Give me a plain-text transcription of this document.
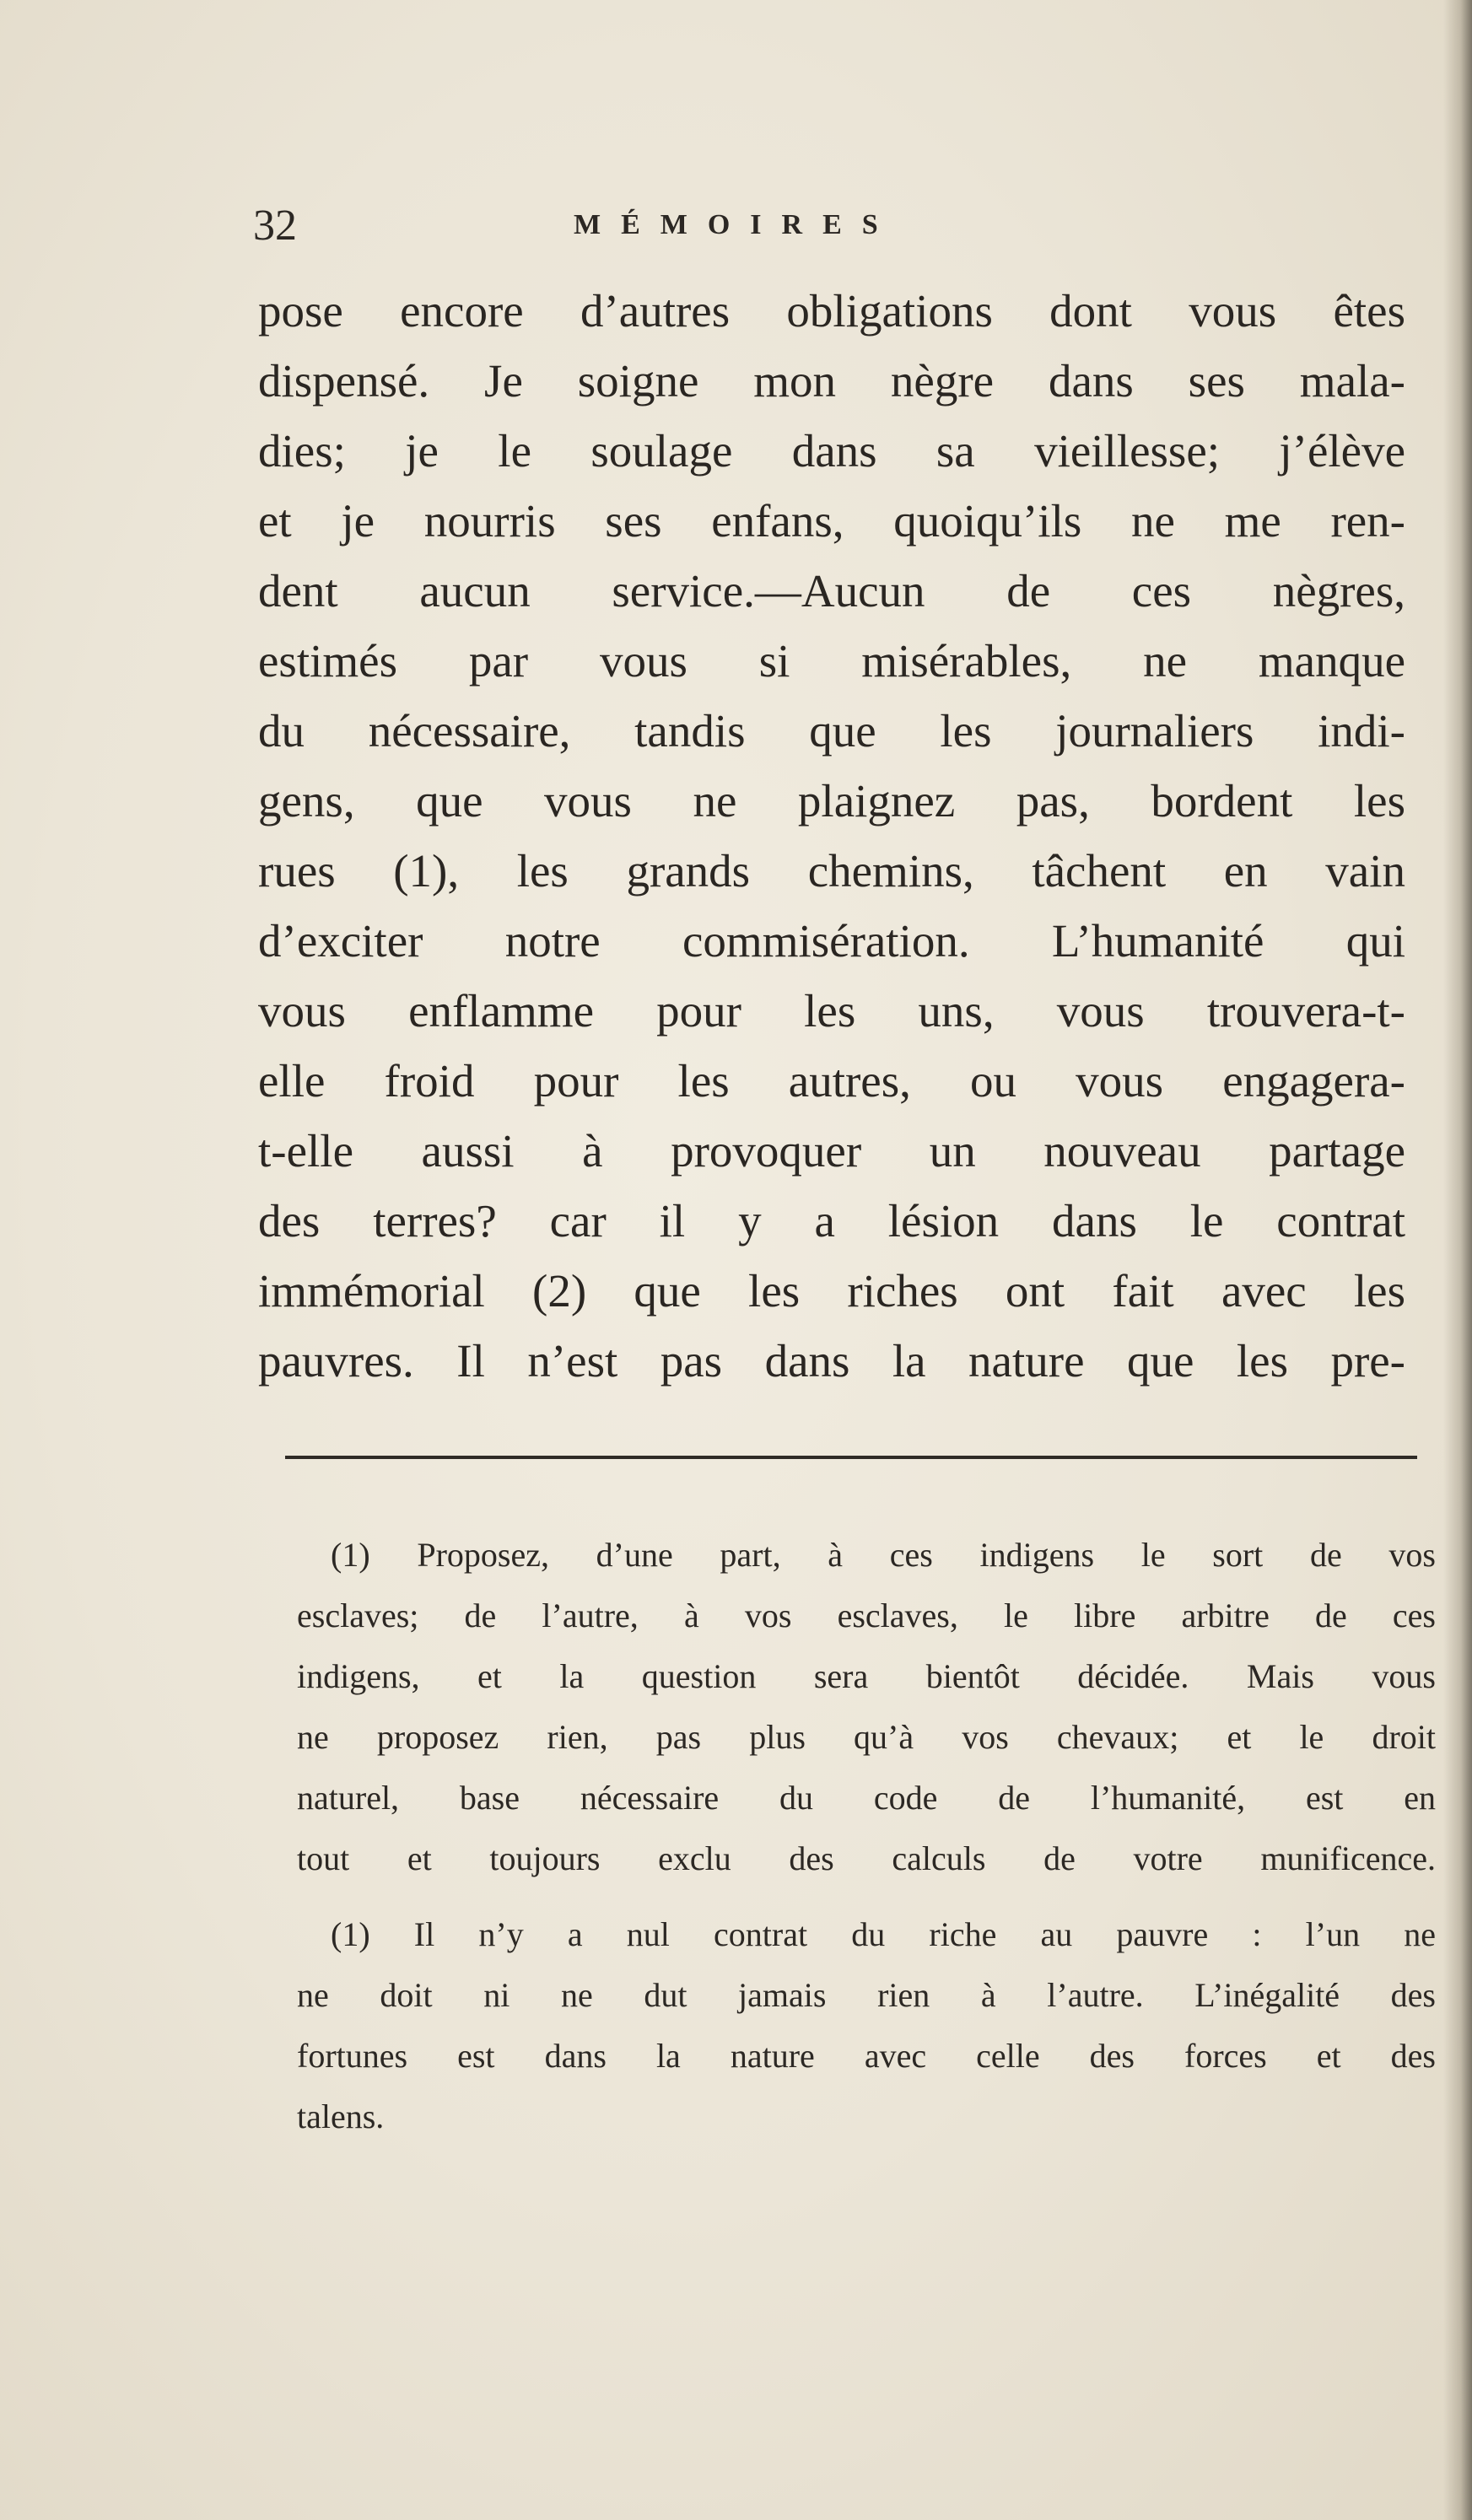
32	MÉMOIRES
pose encore d’autres obligations dont vous êtes
dispensé. Je soigne mon nègre dans ses mala-
dies; je le soulage dans sa vieillesse; j’élève
et je nourris ses enfans, quoiqu’ils ne me ren-
dent aucun service.—Aucun de ces nègres,
estimés par vous si misérables, ne manque
du nécessaire, tandis que les journaliers indi-
gens, que vous ne plaignez pas, bordent les
rues (1), les grands chemins, tâchent en vain
d’exciter notre commisération. L’humanité qui
vous enflamme pour les uns, vous trouvera-t-
elle froid pour les autres, ou vous engagera-
t-elle aussi à provoquer un nouveau partage
des terres? car il y a lésion dans le contrat
immémorial (2) que les riches ont fait avec les
pauvres. Il n’est pas dans la nature que les pre-
(1) Proposez, d’une part, à ces indigens le sort de vos
esclaves; de l’autre, à vos esclaves, le libre arbitre de ces
indigens, et la question sera bientôt décidée. Mais vous
ne proposez rien, pas plus qu’à vos chevaux; et le droit
naturel, base nécessaire du code de l’humanité, est en
tout et toujours exclu des calculs de votre munificence.
(1) Il n’y a nul contrat du riche au pauvre : l’un ne
ne doit ni ne dut jamais rien à l’autre. L’inégalité des
fortunes est dans la nature avec celle des forces et des
talens.
